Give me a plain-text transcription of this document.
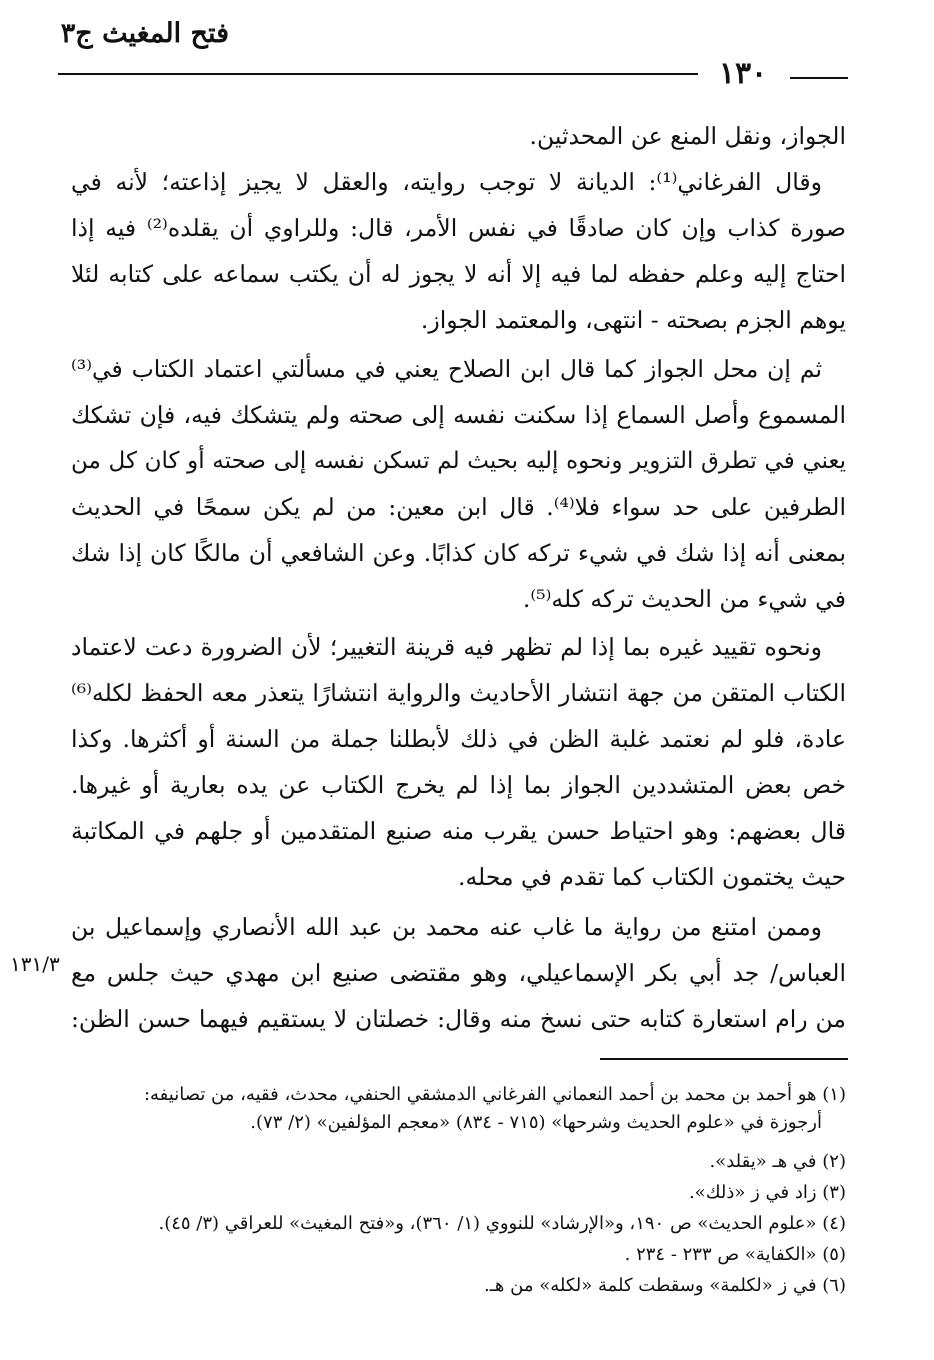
فتح المغيث ج٣
١٣٠
الجواز، ونقل المنع عن المحدثين.
وقال الفرغاني⁽¹⁾: الديانة لا توجب روايته، والعقل لا يجيز إذاعته؛ لأنه في
صورة كذاب وإن كان صادقًا في نفس الأمر، قال: وللراوي أن يقلده⁽²⁾ فيه إذا
احتاج إليه وعلم حفظه لما فيه إلا أنه لا يجوز له أن يكتب سماعه على كتابه لئلا
يوهم الجزم بصحته - انتهى، والمعتمد الجواز.
ثم إن محل الجواز كما قال ابن الصلاح يعني في مسألتي اعتماد الكتاب في⁽³⁾
المسموع وأصل السماع إذا سكنت نفسه إلى صحته ولم يتشكك فيه، فإن تشكك
يعني في تطرق التزوير ونحوه إليه بحيث لم تسكن نفسه إلى صحته أو كان كل من
الطرفين على حد سواء فلا⁽⁴⁾. قال ابن معين: من لم يكن سمحًا في الحديث
بمعنى أنه إذا شك في شيء تركه كان كذابًا. وعن الشافعي أن مالكًا كان إذا شك
في شيء من الحديث تركه كله⁽⁵⁾.
ونحوه تقييد غيره بما إذا لم تظهر فيه قرينة التغيير؛ لأن الضرورة دعت لاعتماد
الكتاب المتقن من جهة انتشار الأحاديث والرواية انتشارًا يتعذر معه الحفظ لكله⁽⁶⁾
عادة، فلو لم نعتمد غلبة الظن في ذلك لأبطلنا جملة من السنة أو أكثرها. وكذا
خص بعض المتشددين الجواز بما إذا لم يخرج الكتاب عن يده بعارية أو غيرها.
قال بعضهم: وهو احتياط حسن يقرب منه صنيع المتقدمين أو جلهم في المكاتبة
حيث يختمون الكتاب كما تقدم في محله.
وممن امتنع من رواية ما غاب عنه محمد بن عبد الله الأنصاري وإسماعيل بن
العباس/ جد أبي بكر الإسماعيلي، وهو مقتضى صنيع ابن مهدي حيث جلس مع
من رام استعارة كتابه حتى نسخ منه وقال: خصلتان لا يستقيم فيهما حسن الظن:
١٣١/٣
(١) هو أحمد بن محمد بن أحمد النعماني الفرغاني الدمشقي الحنفي، محدث، فقيه، من تصانيفه:
أرجوزة في «علوم الحديث وشرحها» (٧١٥ - ٨٣٤) «معجم المؤلفين» (٢/ ٧٣).
(٢) في هـ «يقلد».
(٣) زاد في ز «ذلك».
(٤) «علوم الحديث» ص ١٩٠، و«الإرشاد» للنووي (١/ ٣٦٠)، و«فتح المغيث» للعراقي (٣/ ٤٥).
(٥) «الكفاية» ص ٢٣٣ - ٢٣٤ .
(٦) في ز «لكلمة» وسقطت كلمة «لكله» من هـ.
